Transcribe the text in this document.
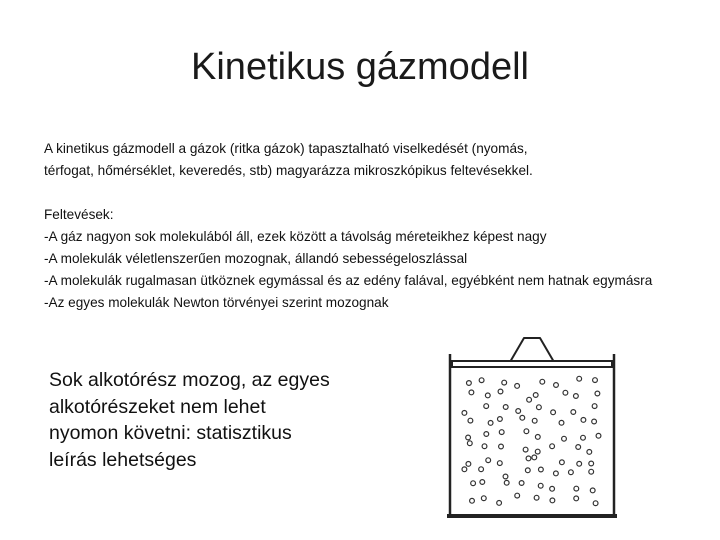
Kinetikus gázmodell
A kinetikus gázmodell a gázok (ritka gázok) tapasztalható viselkedését (nyomás,
térfogat, hőmérséklet, keveredés, stb) magyarázza mikroszkópikus feltevésekkel.
Feltevések:
-A gáz nagyon sok molekulából áll, ezek között a távolság méreteikhez képest nagy
-A molekulák véletlenszerűen mozognak, állandó sebességeloszlással
-A molekulák rugalmasan ütköznek egymással és az edény falával, egyébként nem hatnak egymásra
-Az egyes molekulák Newton törvényei szerint mozognak
Sok alkotórész mozog, az egyes
alkotórészeket nem lehet
nyomon követni: statisztikus
leírás lehetséges
